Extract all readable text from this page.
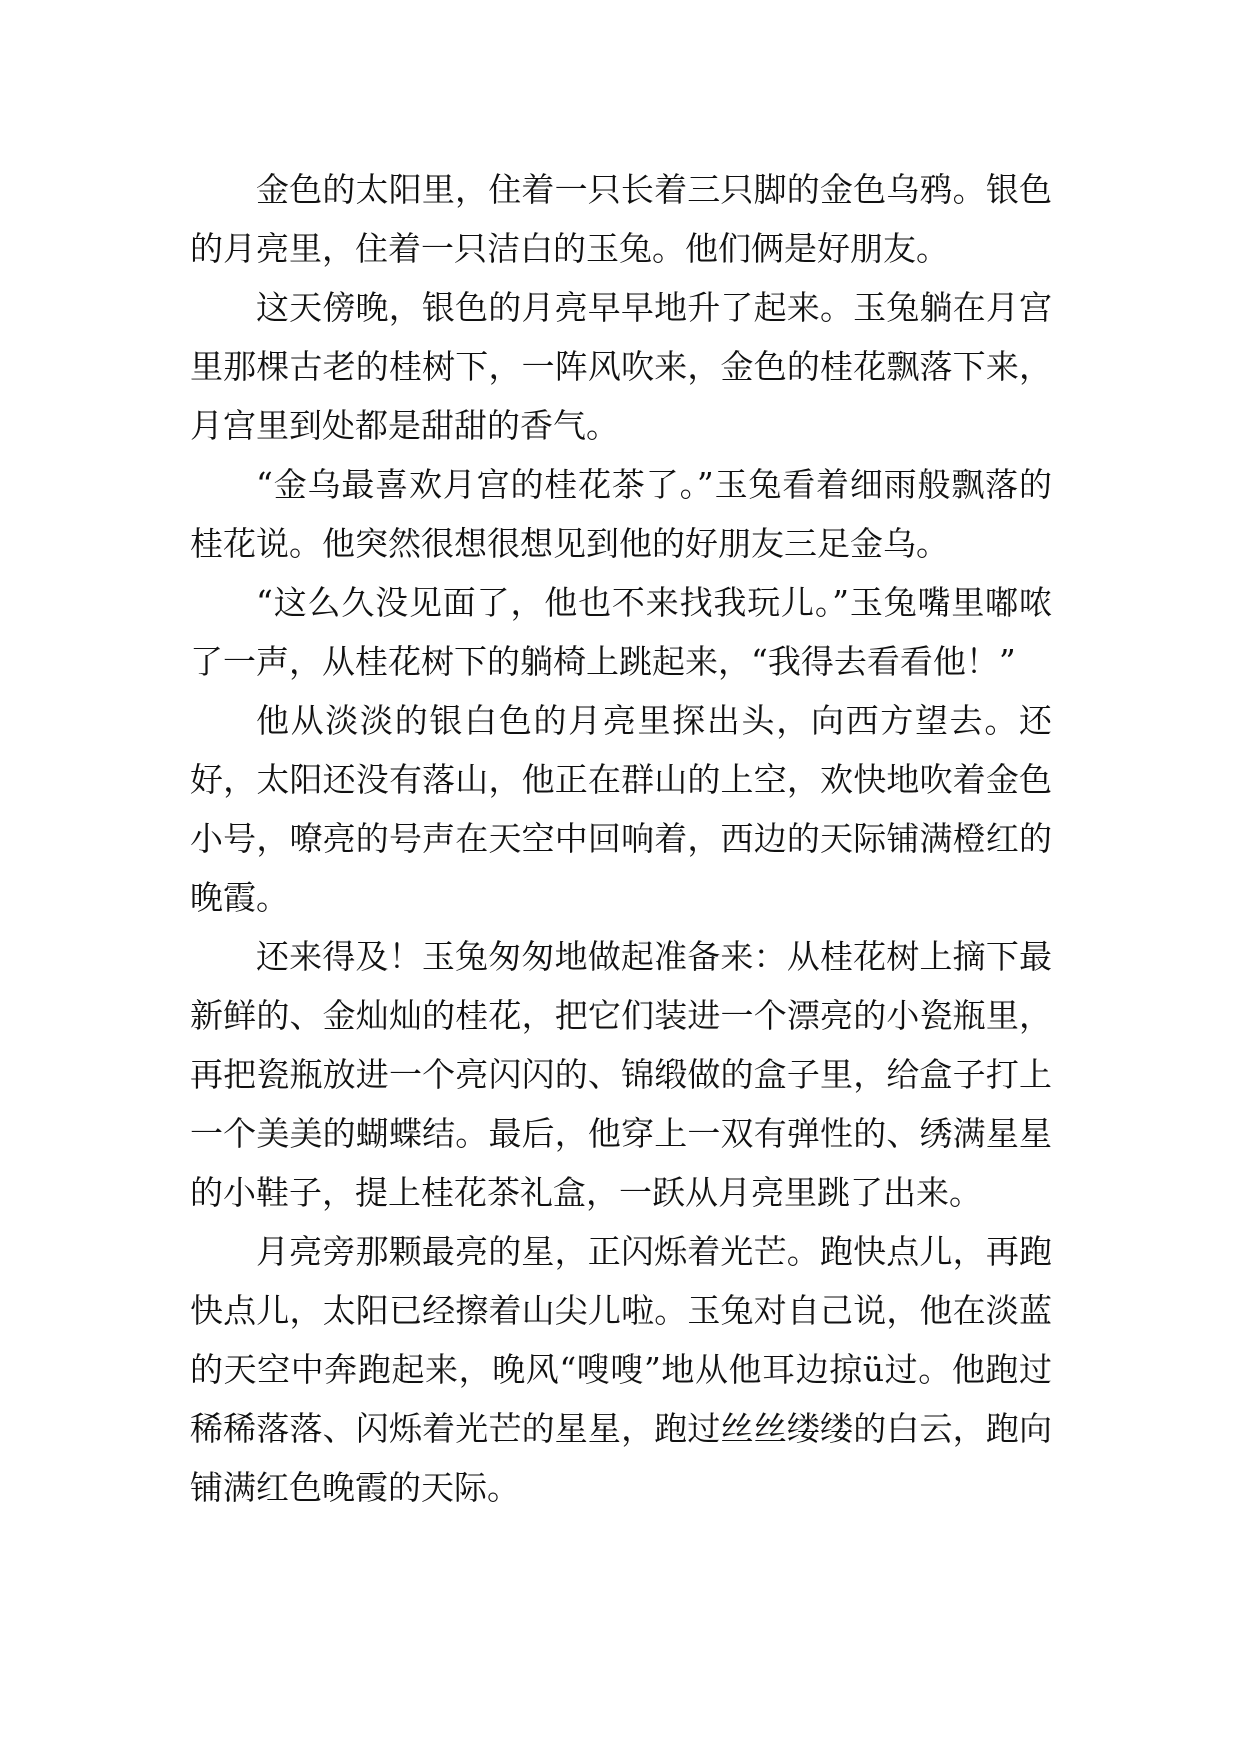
金色的太阳里，住着一只长着三只脚的金色乌鸦。银色的月亮里，住着一只洁白的玉兔。他们俩是好朋友。

这天傍晚，银色的月亮早早地升了起来。玉兔躺在月宫里那棵古老的桂树下，一阵风吹来，金色的桂花飘落下来，月宫里到处都是甜甜的香气。

“金乌最喜欢月宫的桂花茶了。”玉兔看着细雨般飘落的桂花说。他突然很想很想见到他的好朋友三足金乌。

“这么久没见面了，他也不来找我玩儿。”玉兔嘴里嘟哝了一声，从桂花树下的躺椅上跳起来，“我得去看看他！”

他从淡淡的银白色的月亮里探出头，向西方望去。还好，太阳还没有落山，他正在群山的上空，欢快地吹着金色小号，嘹亮的号声在天空中回响着，西边的天际铺满橙红的晚霞。

还来得及！玉兔匆匆地做起准备来：从桂花树上摘下最新鲜的、金灿灿的桂花，把它们装进一个漂亮的小瓷瓶里，再把瓷瓶放进一个亮闪闪的、锦缎做的盒子里，给盒子打上一个美美的蝴蝶结。最后，他穿上一双有弹性的、绣满星星的小鞋子，提上桂花茶礼盒，一跃从月亮里跳了出来。

月亮旁那颗最亮的星，正闪烁着光芒。跑快点儿，再跑快点儿，太阳已经擦着山尖儿啦。玉兔对自己说，他在淡蓝的天空中奔跑起来，晚风“嗖嗖”地从他耳边掠ü过。他跑过稀稀落落、闪烁着光芒的星星，跑过丝丝缕缕的白云，跑向铺满红色晚霞的天际。
